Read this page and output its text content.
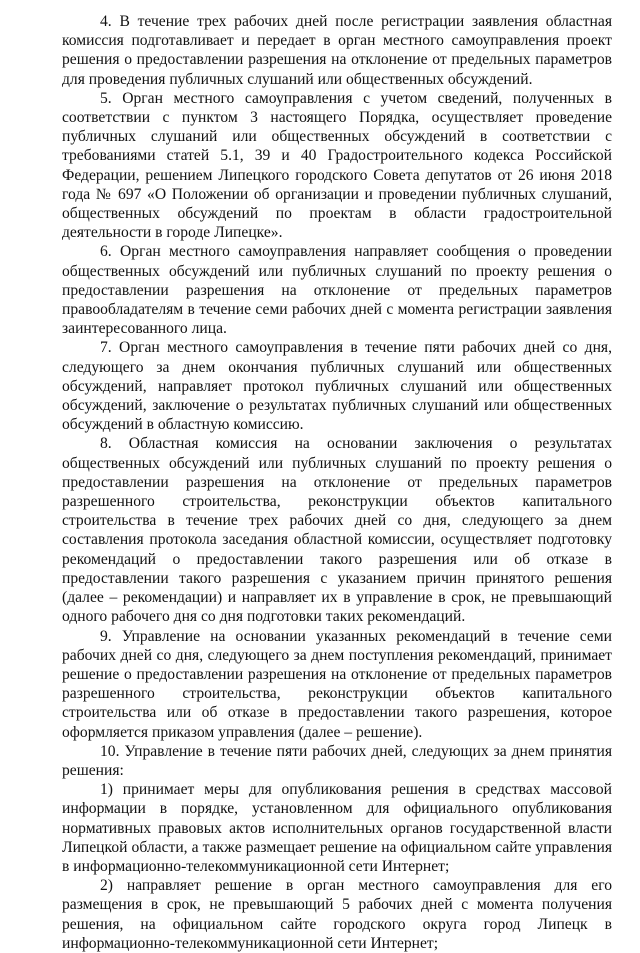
4. В течение трех рабочих дней после регистрации заявления областная комиссия подготавливает и передает в орган местного самоуправления проект решения о предоставлении разрешения на отклонение от предельных параметров для проведения публичных слушаний или общественных обсуждений.

5. Орган местного самоуправления с учетом сведений, полученных в соответствии с пунктом 3 настоящего Порядка, осуществляет проведение публичных слушаний или общественных обсуждений в соответствии с требованиями статей 5.1, 39 и 40 Градостроительного кодекса Российской Федерации, решением Липецкого городского Совета депутатов от 26 июня 2018 года № 697 «О Положении об организации и проведении публичных слушаний, общественных обсуждений по проектам в области градостроительной деятельности в городе Липецке».

6. Орган местного самоуправления направляет сообщения о проведении общественных обсуждений или публичных слушаний по проекту решения о предоставлении разрешения на отклонение от предельных параметров правообладателям в течение семи рабочих дней с момента регистрации заявления заинтересованного лица.

7. Орган местного самоуправления в течение пяти рабочих дней со дня, следующего за днем окончания публичных слушаний или общественных обсуждений, направляет протокол публичных слушаний или общественных обсуждений, заключение о результатах публичных слушаний или общественных обсуждений в областную комиссию.

8. Областная комиссия на основании заключения о результатах общественных обсуждений или публичных слушаний по проекту решения о предоставлении разрешения на отклонение от предельных параметров разрешенного строительства, реконструкции объектов капитального строительства в течение трех рабочих дней со дня, следующего за днем составления протокола заседания областной комиссии, осуществляет подготовку рекомендаций о предоставлении такого разрешения или об отказе в предоставлении такого разрешения с указанием причин принятого решения (далее – рекомендации) и направляет их в управление в срок, не превышающий одного рабочего дня со дня подготовки таких рекомендаций.

9. Управление на основании указанных рекомендаций в течение семи рабочих дней со дня, следующего за днем поступления рекомендаций, принимает решение о предоставлении разрешения на отклонение от предельных параметров разрешенного строительства, реконструкции объектов капитального строительства или об отказе в предоставлении такого разрешения, которое оформляется приказом управления (далее – решение).

10. Управление в течение пяти рабочих дней, следующих за днем принятия решения:

1) принимает меры для опубликования решения в средствах массовой информации в порядке, установленном для официального опубликования нормативных правовых актов исполнительных органов государственной власти Липецкой области, а также размещает решение на официальном сайте управления в информационно-телекоммуникационной сети Интернет;

2) направляет решение в орган местного самоуправления для его размещения в срок, не превышающий 5 рабочих дней с момента получения решения, на официальном сайте городского округа город Липецк в информационно-телекоммуникационной сети Интернет;
